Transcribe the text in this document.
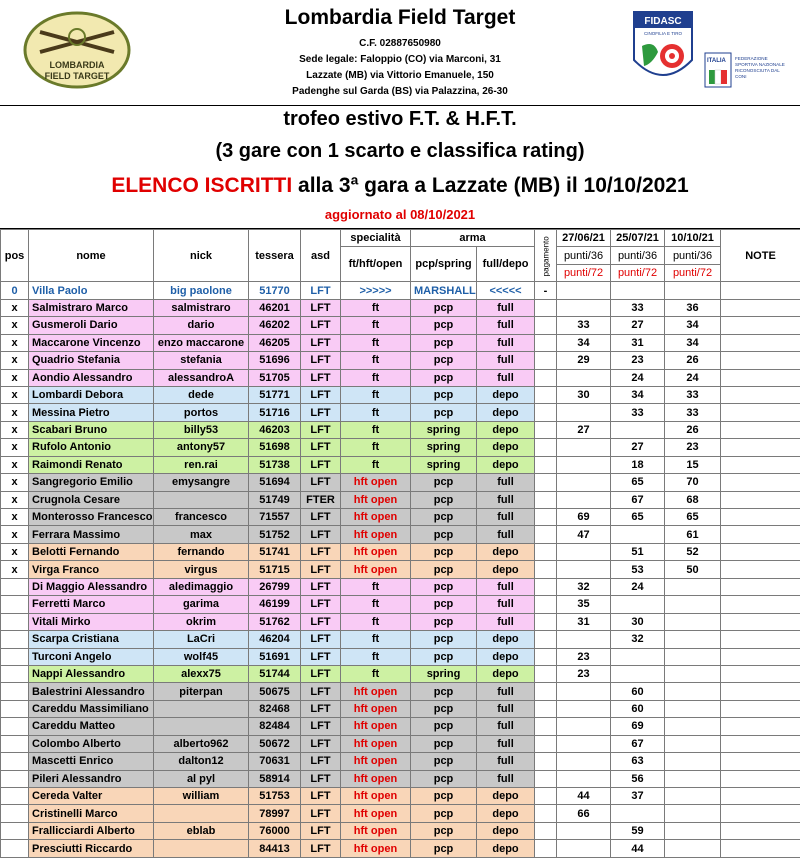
LOMBARDIA
FIELD TARGET
Lombardia Field Target
C.F. 02887650980
Sede legale: Faloppio (CO) via Marconi, 31
Lazzate (MB) via Vittorio Emanuele, 150
Padenghe sul Garda (BS) via Palazzina, 26-30
FIDASC
CINOFILIA E TIRO
ITALIA FEDERAZIONE SPORTIVA NAZIONALE RICONOSCIUTA DAL CONI
trofeo estivo F.T. & H.F.T.
(3 gare con 1 scarto e classifica rating)
ELENCO ISCRITTI alla 3ª gara a Lazzate (MB) il 10/10/2021
aggiornato al 08/10/2021
pos	nome	nick	tessera	asd	specialità	arma		pagamento	27/06/21	25/07/21	10/10/21	NOTE
					ft/hft/open	pcp/spring	full/depo		punti/36	punti/36	punti/36	
									punti/72	punti/72	punti/72	
0	Villa Paolo	big paolone	51770	LFT	>>>>>	MARSHALL	<<<<<	-				
x	Salmistraro Marco	salmistraro	46201	LFT	ft	pcp	full			33	36	
x	Gusmeroli Dario	dario	46202	LFT	ft	pcp	full		33	27	34	
x	Maccarone Vincenzo	enzo maccarone	46205	LFT	ft	pcp	full		34	31	34	
x	Quadrio Stefania	stefania	51696	LFT	ft	pcp	full		29	23	26	
x	Aondio Alessandro	alessandroA	51705	LFT	ft	pcp	full			24	24	
x	Lombardi Debora	dede	51771	LFT	ft	pcp	depo		30	34	33	
x	Messina Pietro	portos	51716	LFT	ft	pcp	depo			33	33	
x	Scabari Bruno	billy53	46203	LFT	ft	spring	depo		27		26	
x	Rufolo Antonio	antony57	51698	LFT	ft	spring	depo			27	23	
x	Raimondi Renato	ren.rai	51738	LFT	ft	spring	depo			18	15	
x	Sangregorio Emilio	emysangre	51694	LFT	hft open	pcp	full			65	70	
x	Crugnola Cesare		51749	FTER	hft open	pcp	full			67	68	
x	Monterosso Francesco	francesco	71557	LFT	hft open	pcp	full		69	65	65	
x	Ferrara Massimo	max	51752	LFT	hft open	pcp	full		47		61	
x	Belotti Fernando	fernando	51741	LFT	hft open	pcp	depo			51	52	
x	Virga Franco	virgus	51715	LFT	hft open	pcp	depo			53	50	
	Di Maggio Alessandro	aledimaggio	26799	LFT	ft	pcp	full		32	24		
	Ferretti Marco	garima	46199	LFT	ft	pcp	full		35			
	Vitali Mirko	okrim	51762	LFT	ft	pcp	full		31	30		
	Scarpa Cristiana	LaCri	46204	LFT	ft	pcp	depo			32		
	Turconi Angelo	wolf45	51691	LFT	ft	pcp	depo		23			
	Nappi Alessandro	alexx75	51744	LFT	ft	spring	depo		23			
	Balestrini Alessandro	piterpan	50675	LFT	hft open	pcp	full			60		
	Careddu Massimiliano		82468	LFT	hft open	pcp	full			60		
	Careddu Matteo		82484	LFT	hft open	pcp	full			69		
	Colombo Alberto	alberto962	50672	LFT	hft open	pcp	full			67		
	Mascetti Enrico	dalton12	70631	LFT	hft open	pcp	full			63		
	Pileri Alessandro	al pyl	58914	LFT	hft open	pcp	full			56		
	Cereda Valter	william	51753	LFT	hft open	pcp	depo		44	37		
	Cristinelli Marco		78997	LFT	hft open	pcp	depo		66			
	Frallicciardi Alberto	eblab	76000	LFT	hft open	pcp	depo			59		
	Presciutti Riccardo		84413	LFT	hft open	pcp	depo			44		
